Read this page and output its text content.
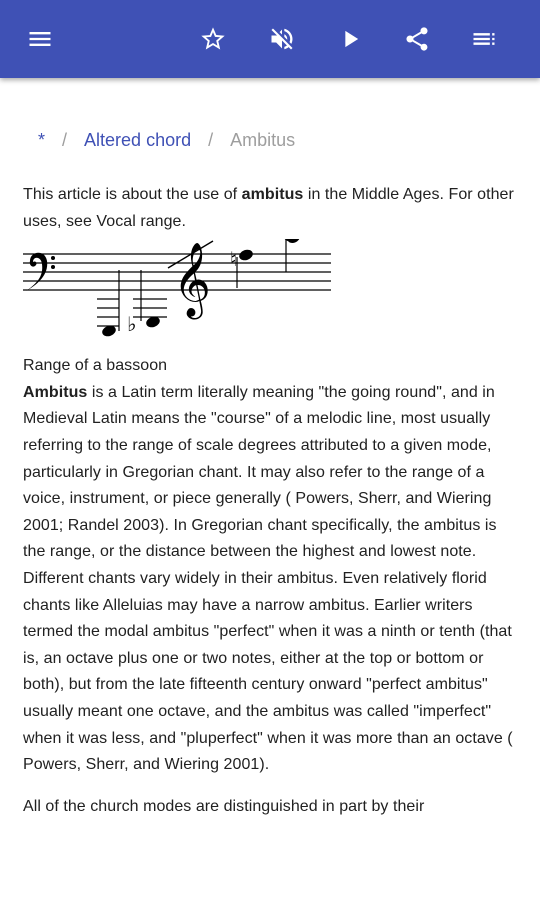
* / Altered chord / Ambitus

This article is about the use of ambitus in the Middle Ages. For other uses, see Vocal range.

♭
𝄞 ♮

Range of a bassoon

Ambitus is a Latin term literally meaning "the going round", and in Medieval Latin means the "course" of a melodic line, most usually referring to the range of scale degrees attributed to a given mode, particularly in Gregorian chant. It may also refer to the range of a voice, instrument, or piece generally ( Powers, Sherr, and Wiering 2001; Randel 2003). In Gregorian chant specifically, the ambitus is the range, or the distance between the highest and lowest note. Different chants vary widely in their ambitus. Even relatively florid chants like Alleluias may have a narrow ambitus. Earlier writers termed the modal ambitus "perfect" when it was a ninth or tenth (that is, an octave plus one or two notes, either at the top or bottom or both), but from the late fifteenth century onward "perfect ambitus" usually meant one octave, and the ambitus was called "imperfect" when it was less, and "pluperfect" when it was more than an octave ( Powers, Sherr, and Wiering 2001).

All of the church modes are distinguished in part by their
